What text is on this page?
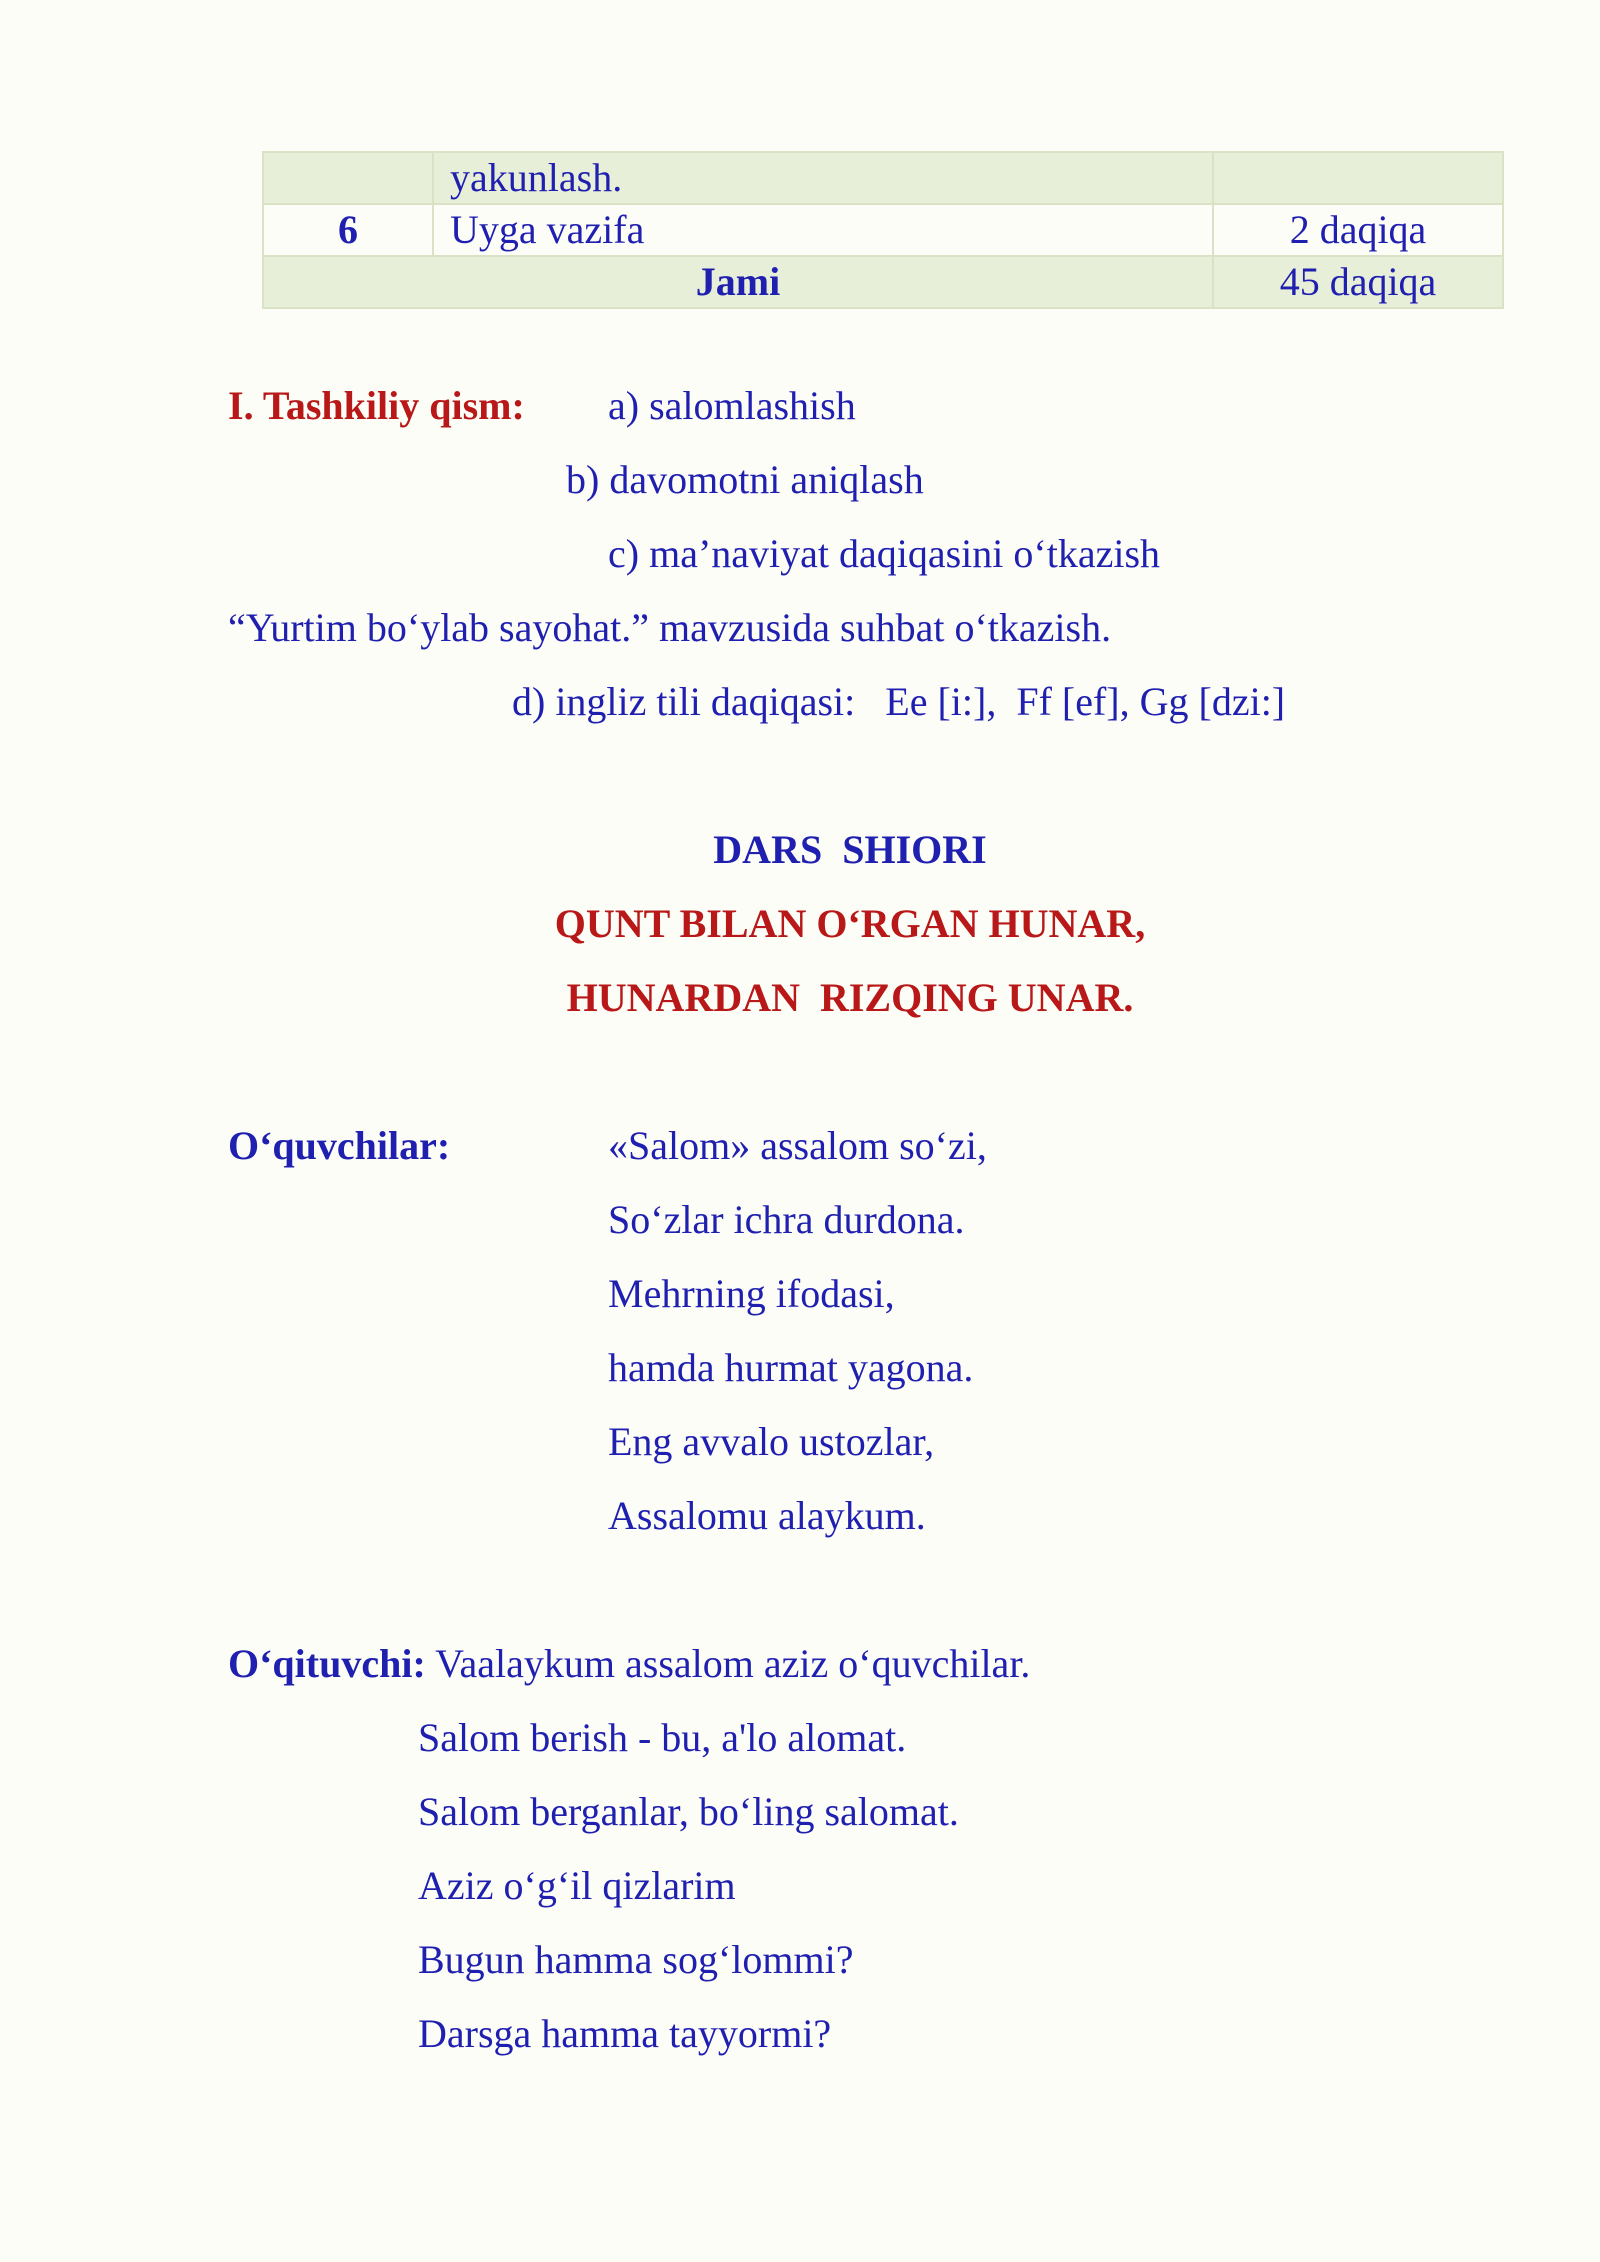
	yakunlash.	
6	Uyga vazifa	2 daqiqa
Jami		45 daqiqa
I. Tashkiliy qism: a) salomlashish
b) davomotni aniqlash
c) ma’naviyat daqiqasini o‘tkazish
“Yurtim bo‘ylab sayohat.” mavzusida suhbat o‘tkazish.
d) ingliz tili daqiqasi:   Ee [i:],  Ff [ef], Gg [dzi:]
DARS  SHIORI
QUNT BILAN O‘RGAN HUNAR,
HUNARDAN  RIZQING UNAR.
O‘quvchilar:	«Salom» assalom so‘zi,
So‘zlar ichra durdona.
Mehrning ifodasi,
hamda hurmat yagona.
Eng avvalo ustozlar,
Assalomu alaykum.
O‘qituvchi: Vaalaykum assalom aziz o‘quvchilar.
Salom berish - bu, a'lo alomat.
Salom berganlar, bo‘ling salomat.
Aziz o‘g‘il qizlarim
Bugun hamma sog‘lommi?
Darsga hamma tayyormi?
